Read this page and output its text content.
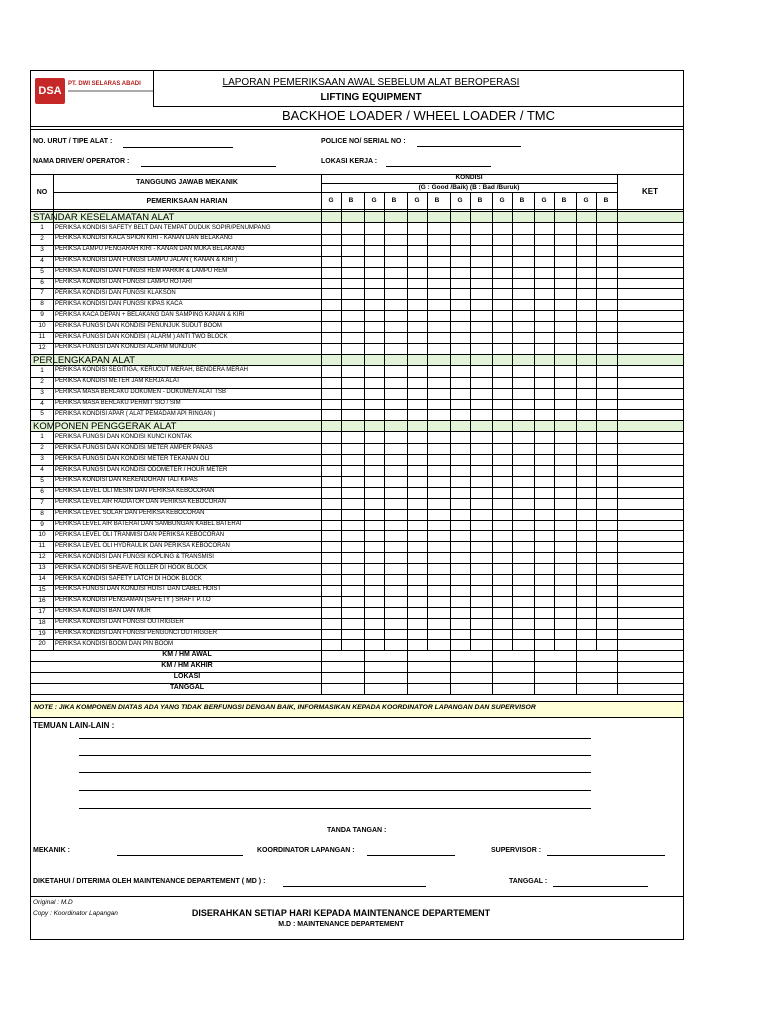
DSA
PT. DWI SELARAS ABADI	LAPORAN PEMERIKSAAN AWAL SEBELUM ALAT BEROPERASI
LIFTING EQUIPMENT
BACKHOE LOADER / WHEEL LOADER / TMC
NO. URUT / TIPE ALAT :	POLICE NO/ SERIAL NO :
NAMA DRIVER/ OPERATOR :	LOKASI KERJA :
NO
TANGGUNG JAWAB MEKANIK
PEMERIKSAAN HARIAN
KONDISI
(G : Good /Baik) (B : Bad /Buruk)	KET
G	B	G	B	G	B	G	B	G	B	G	B	G	B
STANDAR KESELAMATAN ALAT
1	PERIKSA KONDISI SAFETY BELT DAN TEMPAT DUDUK SOPIR/PENUMPANG
2	PERIKSA KONDISI KACA SPION KIRI - KANAN DAN BELAKANG
3	PERIKSA LAMPU PENGARAH KIRI - KANAN DAN MUKA BELAKANG
4	PERIKSA KONDISI DAN FUNGSI LAMPU JALAN ( KANAN & KIRI )
5	PERIKSA KONDISI DAN FUNGSI REM PARKIR & LAMPU REM
6	PERIKSA KONDISI DAN FUNGSI LAMPU ROTARI
7	PERIKSA KONDISI DAN FUNGSI KLAKSON
8	PERIKSA KONDISI DAN FUNGSI KIPAS KACA
9	PERIKSA KACA DEPAN + BELAKANG DAN SAMPING KANAN & KIRI
10	PERIKSA FUNGSI DAN KONDISI PENUNJUK SUDUT BOOM
11	PERIKSA FUNGSI DAN KONDISI ( ALARM ) ANTI TWO BLOCK
12	PERIKSA FUNGSI DAN KONDISI ALARM MUNDUR
PERLENGKAPAN ALAT
1	PERIKSA KONDISI SEGITIGA, KERUCUT MERAH, BENDERA MERAH
2	PERIKSA KONDISI METER JAM KERJA ALAT
3	PERIKSA MASA BERLAKU DOKUMEN - DOKUMEN ALAT TSB
4	PERIKSA MASA BERLAKU PERMIT SIO / SIM
5	PERIKSA KONDISI APAR ( ALAT PEMADAM API RINGAN )
KOMPONEN PENGGERAK ALAT
1	PERIKSA FUNGSI DAN KONDISI KUNCI KONTAK
2	PERIKSA FUNGSI DAN KONDISI METER AMPER PANAS
3	PERIKSA FUNGSI DAN KONDISI METER TEKANAN OLI
4	PERIKSA FUNGSI DAN KONDISI ODOMETER / HOUR METER
5	PERIKSA KONDISI DAN KEKENDORAN TALI KIPAS
6	PERIKSA LEVEL OLI MESIN DAN PERIKSA KEBOCORAN
7	PERIKSA LEVEL AIR RADIATOR DAN PERIKSA KEBOCORAN
8	PERIKSA LEVEL SOLAR DAN PERIKSA KEBOCORAN
9	PERIKSA LEVEL AIR BATERAI DAN SAMBUNGAN KABEL BATERAI
10	PERIKSA LEVEL OLI TRANMISI DAN PERIKSA KEBOCORAN
11	PERIKSA LEVEL OLI HYDRAULIK DAN PERIKSA KEBOCORAN
12	PERIKSA KONDISI DAN FUNGSI KOPLING & TRANSMISI
13	PERIKSA KONDISI SHEAVE ROLLER DI HOOK BLOCK
14	PERIKSA KONDISI SAFETY LATCH DI HOOK BLOCK
15	PERIKSA FUNGSI DAN KONDISI HOIST DAN CABEL HOIST
16	PERIKSA KONDISI PENGAMAN (SAFETY ) SHAFT P.T.O
17	PERIKSA KONDISI BAN DAN MUR
18	PERIKSA KONDISI DAN FUNGSI OUTRIGGER
19	PERIKSA KONDISI DAN FUNGSI PENGUNCI OUTRIGGER
20	PERIKSA KONDISI BOOM DAN PIN BOOM
KM / HM AWAL
KM / HM AKHIR
LOKASI
TANGGAL
NOTE : JIKA KOMPONEN DIATAS ADA YANG TIDAK BERFUNGSI DENGAN BAIK, INFORMASIKAN KEPADA KOORDINATOR LAPANGAN DAN SUPERVISOR
TEMUAN LAIN-LAIN :
TANDA TANGAN :
MEKANIK :	KOORDINATOR LAPANGAN :	SUPERVISOR :
DIKETAHUI / DITERIMA OLEH MAINTENANCE DEPARTEMENT ( MD ) :	TANGGAL :
Original : M.D
Copy : Koordinator Lapangan	DISERAHKAN SETIAP HARI KEPADA MAINTENANCE DEPARTEMENT
M.D : MAINTENANCE DEPARTEMENT
